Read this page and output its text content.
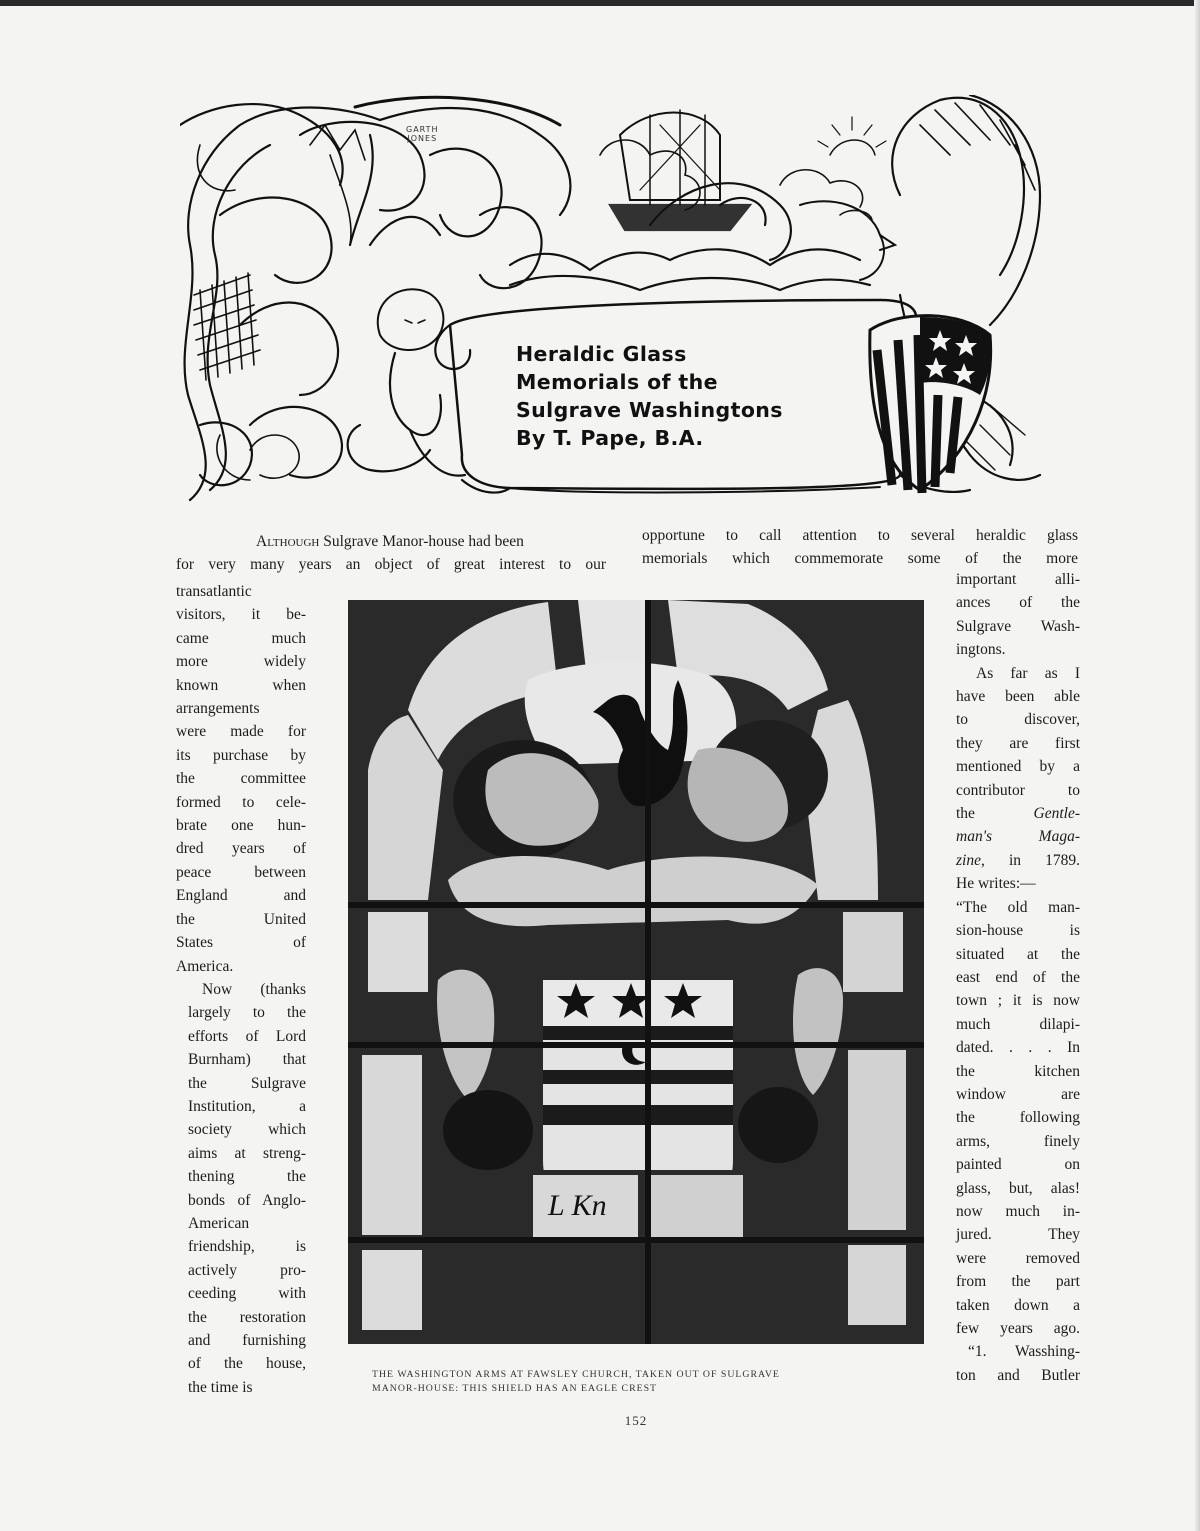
GARTH
JONES
Heraldic Glass
Memorials of the
Sulgrave Washingtons
By T. Pape, B.A.
Although Sulgrave Manor-house had been
for very many years an object of great interest to our
opportune to call attention to several heraldic glass
memorials which commemorate some of the more
transatlantic
visitors, it be-
came much
more widely
known when
arrangements
were made for
its purchase by
the committee
formed to cele-
brate one hun-
dred years of
peace between
England and
the United
States of
America.
Now (thanks
largely to the
efforts of Lord
Burnham) that
the Sulgrave
Institution, a
society which
aims at streng-
thening the
bonds of Anglo-
American
friendship, is
actively pro-
ceeding with
the restoration
and furnishing
of the house,
the time is
important alli-
ances of the
Sulgrave Wash-
ingtons.
As far as I
have been able
to discover,
they are first
mentioned by a
contributor to
the Gentle-
man's Maga-
zine, in 1789.
He writes:—
“The old man-
sion-house is
situated at the
east end of the
town ; it is now
much dilapi-
dated. . . . In
the kitchen
window are
the following
arms, finely
painted on
glass, but, alas!
now much in-
jured. They
were removed
from the part
taken down a
few years ago.
“1. Wasshing-
ton and Butler
L Kn
THE WASHINGTON ARMS AT FAWSLEY CHURCH, TAKEN OUT OF SULGRAVE
MANOR-HOUSE: THIS SHIELD HAS AN EAGLE CREST
152
